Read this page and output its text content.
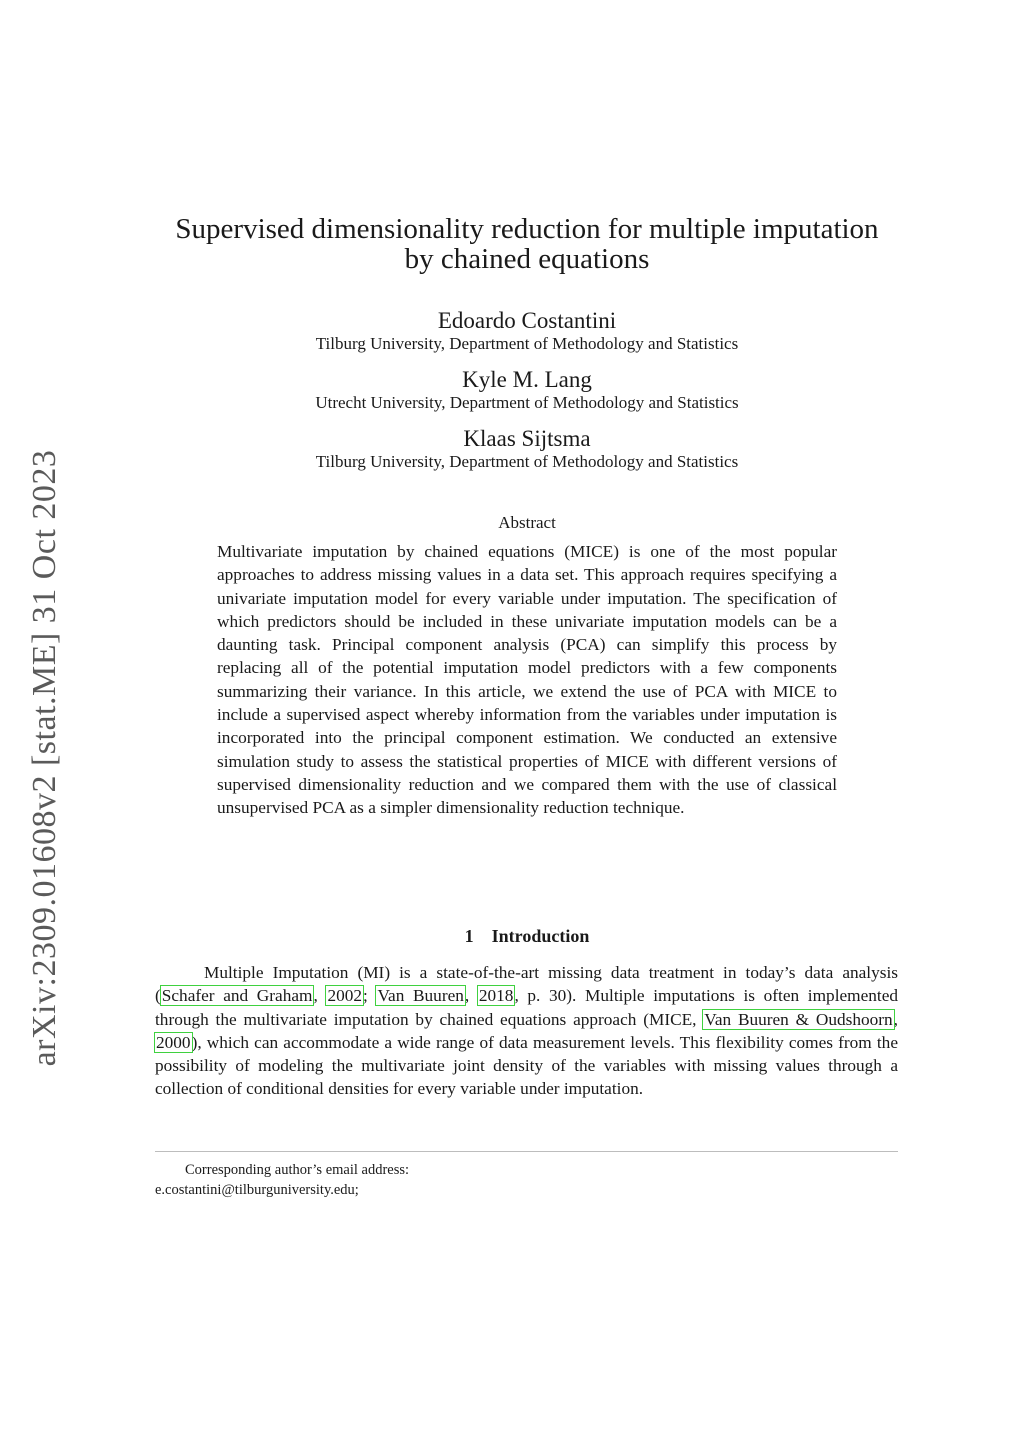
arXiv:2309.01608v2 [stat.ME] 31 Oct 2023
Supervised dimensionality reduction for multiple imputation
by chained equations
Edoardo Costantini
Tilburg University, Department of Methodology and Statistics
Kyle M. Lang
Utrecht University, Department of Methodology and Statistics
Klaas Sijtsma
Tilburg University, Department of Methodology and Statistics
Abstract
Multivariate imputation by chained equations (MICE) is one of the most popular approaches to address missing values in a data set. This approach requires specifying a univariate imputation model for every variable under imputation. The specification of which predictors should be included in these univariate imputation models can be a daunting task. Principal component analysis (PCA) can simplify this process by replacing all of the potential imputation model predictors with a few components summarizing their variance. In this article, we extend the use of PCA with MICE to include a supervised aspect whereby information from the variables under imputation is incorporated into the principal component estimation. We conducted an extensive simulation study to assess the statistical properties of MICE with different versions of supervised dimensionality reduction and we compared them with the use of classical unsupervised PCA as a simpler dimensionality reduction technique.
1 Introduction

Multiple Imputation (MI) is a state-of-the-art missing data treatment in today’s data analysis (Schafer and Graham, 2002; Van Buuren, 2018, p. 30). Multiple imputations is often implemented through the multivariate imputation by chained equations approach (MICE, Van Buuren & Oudshoorn, 2000), which can accommodate a wide range of data measurement levels. This flexibility comes from the possibility of modeling the multivariate joint density of the variables with missing values through a collection of conditional densities for every variable under imputation.

Corresponding author’s email address:
e.costantini@tilburguniversity.edu;
